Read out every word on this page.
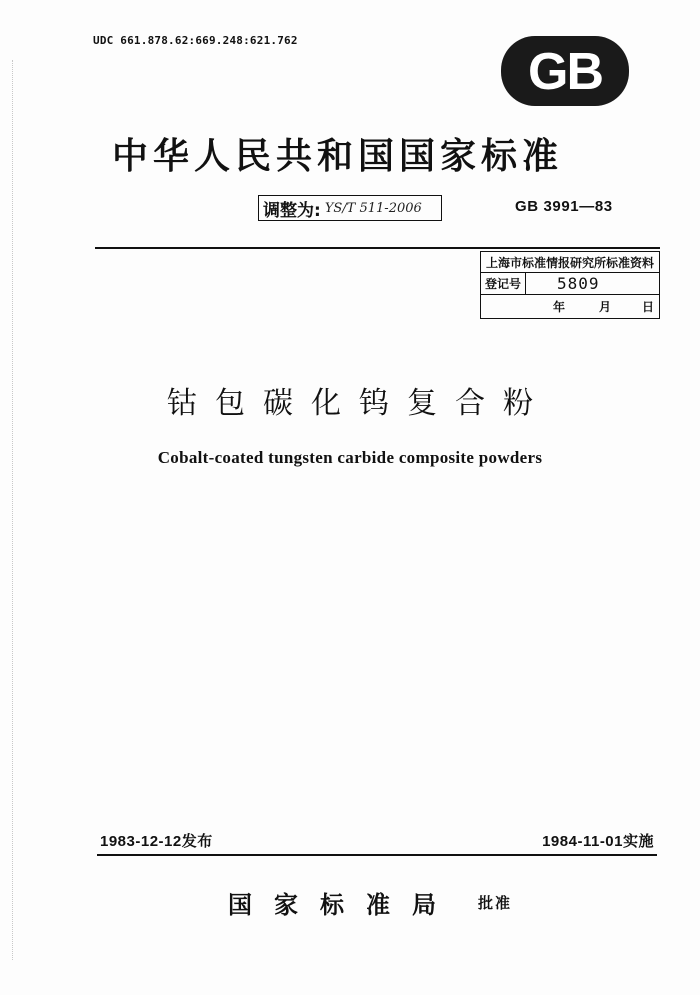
UDC 661.878.62:669.248:621.762
GB
中华人民共和国国家标准
调整为: YS/T 511-2006	GB 3991—83
上海市标准情报研究所标准资料
登记号	5809
年	月	日
钴包碳化钨复合粉
Cobalt-coated tungsten carbide composite powders
1983-12-12发布	1984-11-01实施
国家标准局 批准
